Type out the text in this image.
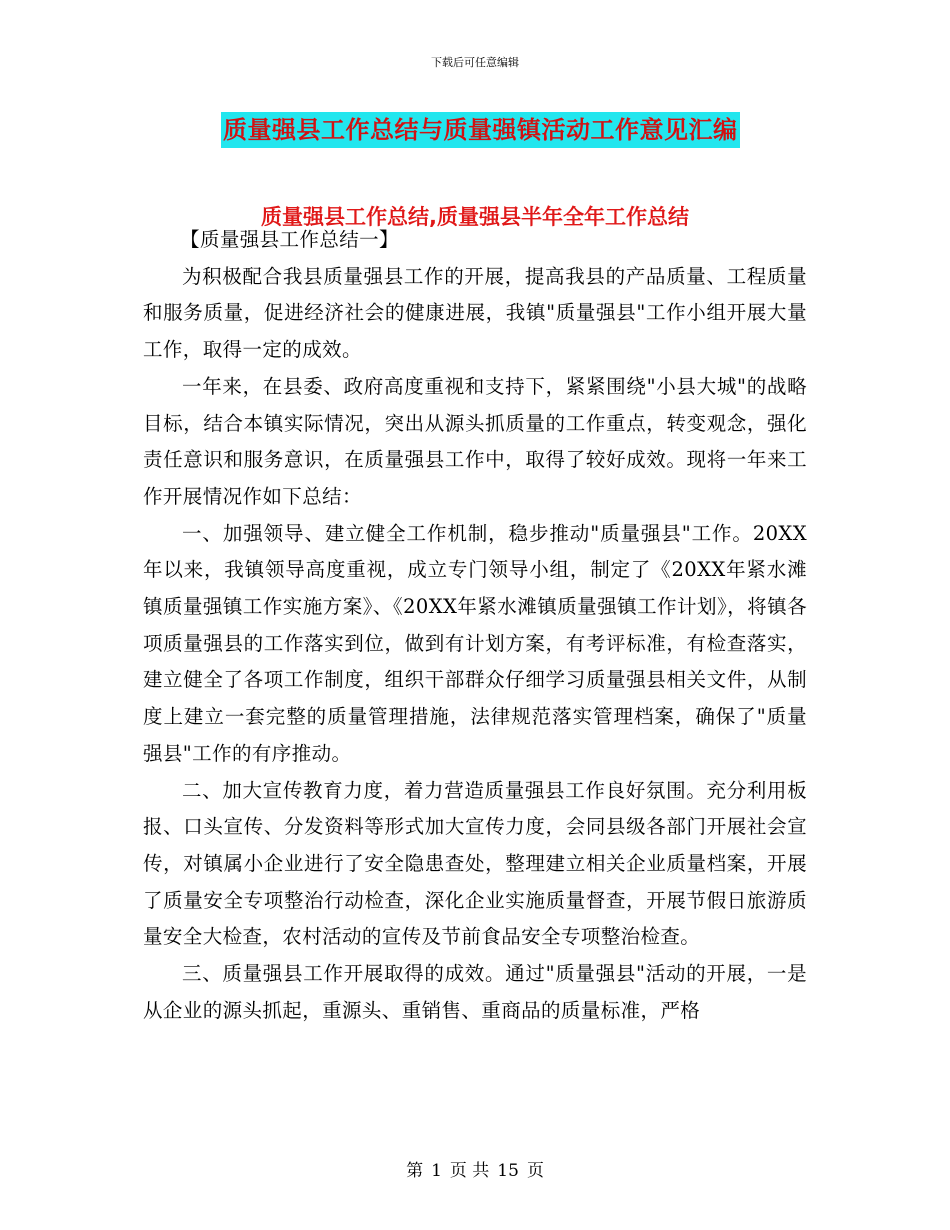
下载后可任意编辑
质量强县工作总结与质量强镇活动工作意见汇编
质量强县工作总结,质量强县半年全年工作总结

【质量强县工作总结一】

为积极配合我县质量强县工作的开展，提高我县的产品质量、工程质量和服务质量，促进经济社会的健康进展，我镇"质量强县"工作小组开展大量工作，取得一定的成效。

一年来，在县委、政府高度重视和支持下，紧紧围绕"小县大城"的战略目标，结合本镇实际情况，突出从源头抓质量的工作重点，转变观念，强化责任意识和服务意识，在质量强县工作中，取得了较好成效。现将一年来工作开展情况作如下总结：

一、加强领导、建立健全工作机制，稳步推动"质量强县"工作。20XX年以来，我镇领导高度重视，成立专门领导小组，制定了《20XX年紧水滩镇质量强镇工作实施方案》、《20XX年紧水滩镇质量强镇工作计划》，将镇各项质量强县的工作落实到位，做到有计划方案，有考评标准，有检查落实，建立健全了各项工作制度，组织干部群众仔细学习质量强县相关文件，从制度上建立一套完整的质量管理措施，法律规范落实管理档案，确保了"质量强县"工作的有序推动。

二、加大宣传教育力度，着力营造质量强县工作良好氛围。充分利用板报、口头宣传、分发资料等形式加大宣传力度，会同县级各部门开展社会宣传，对镇属小企业进行了安全隐患查处，整理建立相关企业质量档案，开展了质量安全专项整治行动检查，深化企业实施质量督查，开展节假日旅游质量安全大检查，农村活动的宣传及节前食品安全专项整治检查。

三、质量强县工作开展取得的成效。通过"质量强县"活动的开展，一是从企业的源头抓起，重源头、重销售、重商品的质量标准，严格

第 1 页 共 15 页
